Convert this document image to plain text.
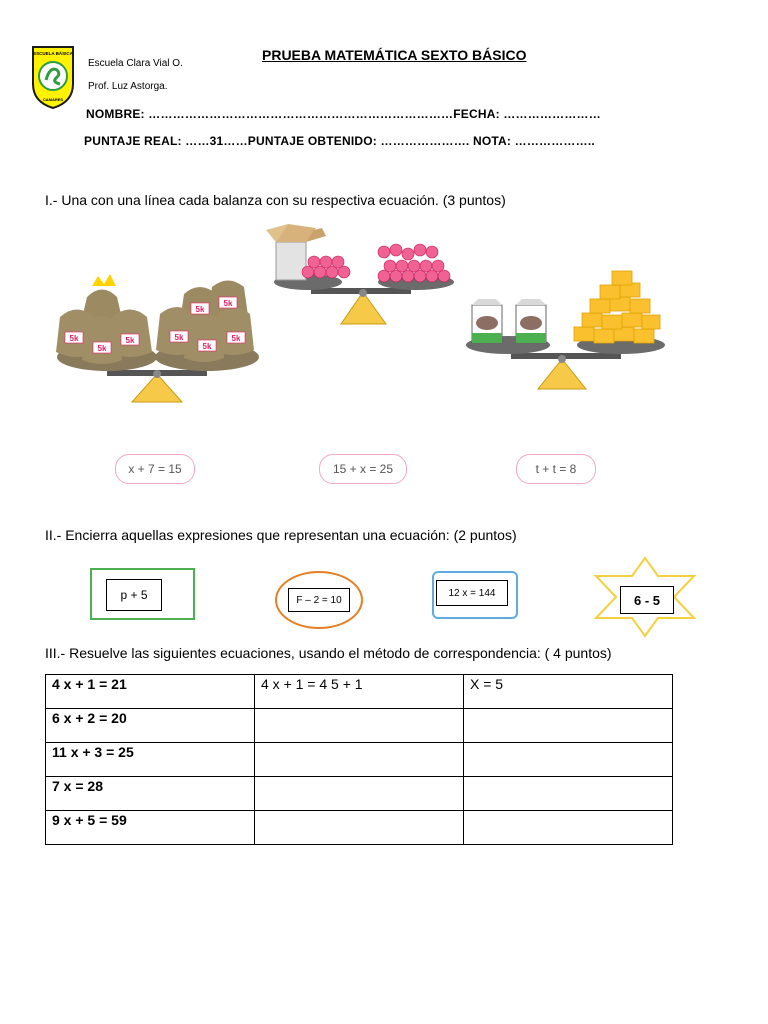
ESCUELA BÁSICA
CAMARES
Escuela Clara Vial O.
Prof. Luz Astorga.
PRUEBA MATEMÁTICA SEXTO BÁSICO
NOMBRE: …………………………………………………………………FECHA: ……………………
PUNTAJE REAL: ……31……PUNTAJE OBTENIDO: …………………. NOTA: ………………..
I.- Una con una línea cada balanza con su respectiva ecuación. (3 puntos)
5k
5k
5k
5k
5k
5k
5k
5k
x + 7 = 15	15 + x = 25	t + t = 8
II.- Encierra aquellas expresiones que representan una ecuación: (2 puntos)
p + 5	F – 2 = 10
12 x = 144	6 - 5
III.- Resuelve las siguientes ecuaciones, usando el método de correspondencia: ( 4 puntos)
4 x + 1 = 21	4 x + 1 = 4 5 + 1	X = 5
6 x + 2 = 20		
11 x + 3 = 25		
7 x = 28		
9 x + 5 = 59		
